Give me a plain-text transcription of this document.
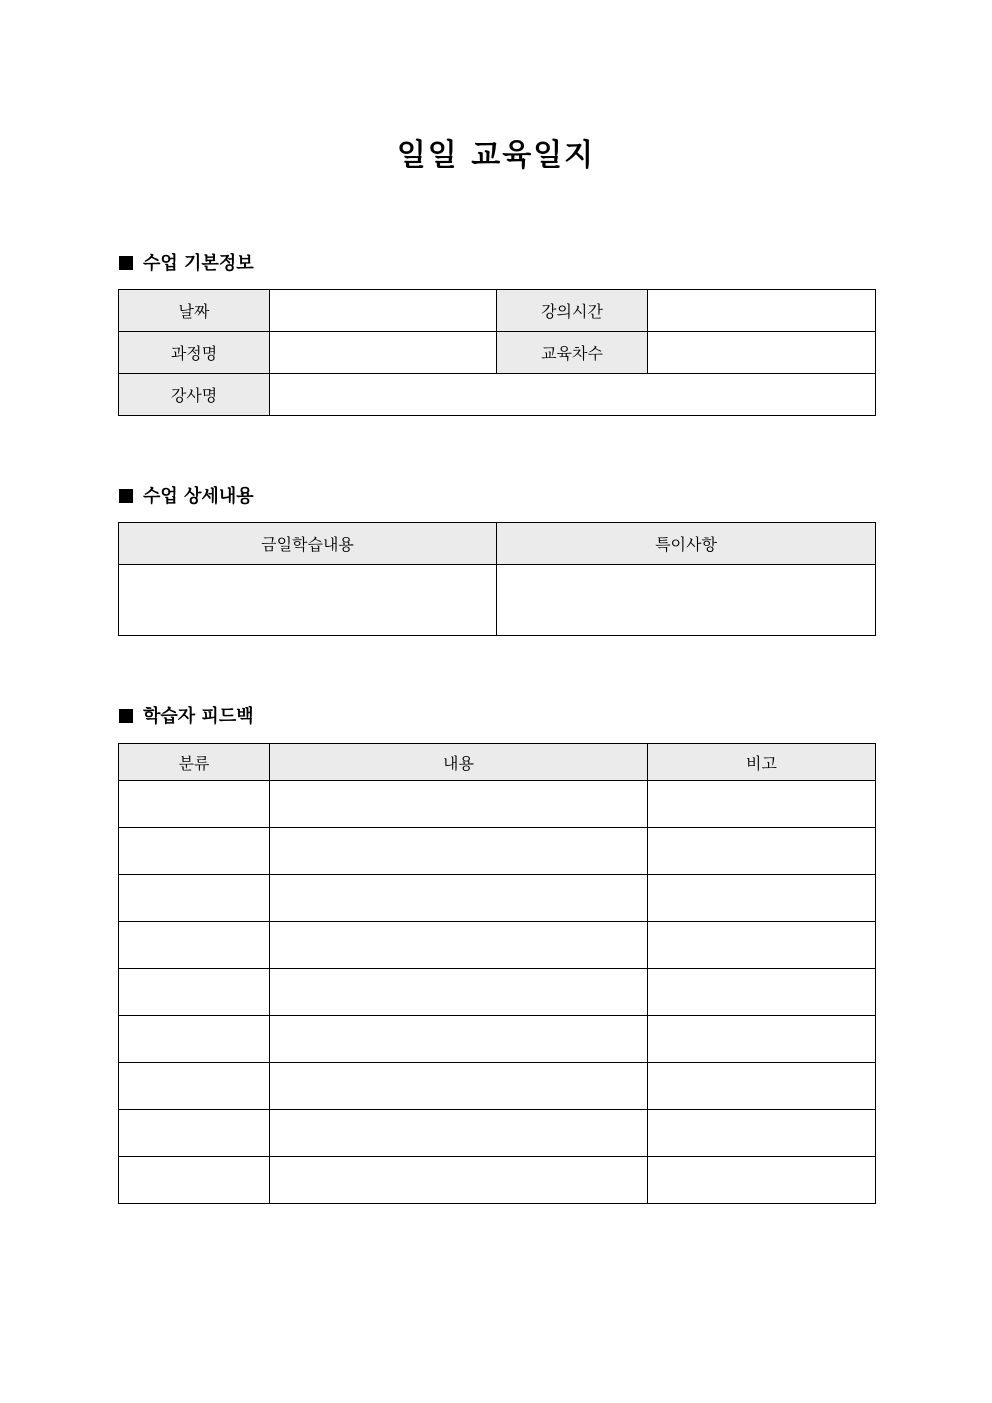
일일 교육일지
수업 기본정보
날짜		강의시간	
과정명		교육차수	
강사명			
수업 상세내용
금일학습내용	특이사항

학습자 피드백
분류	내용	비고
